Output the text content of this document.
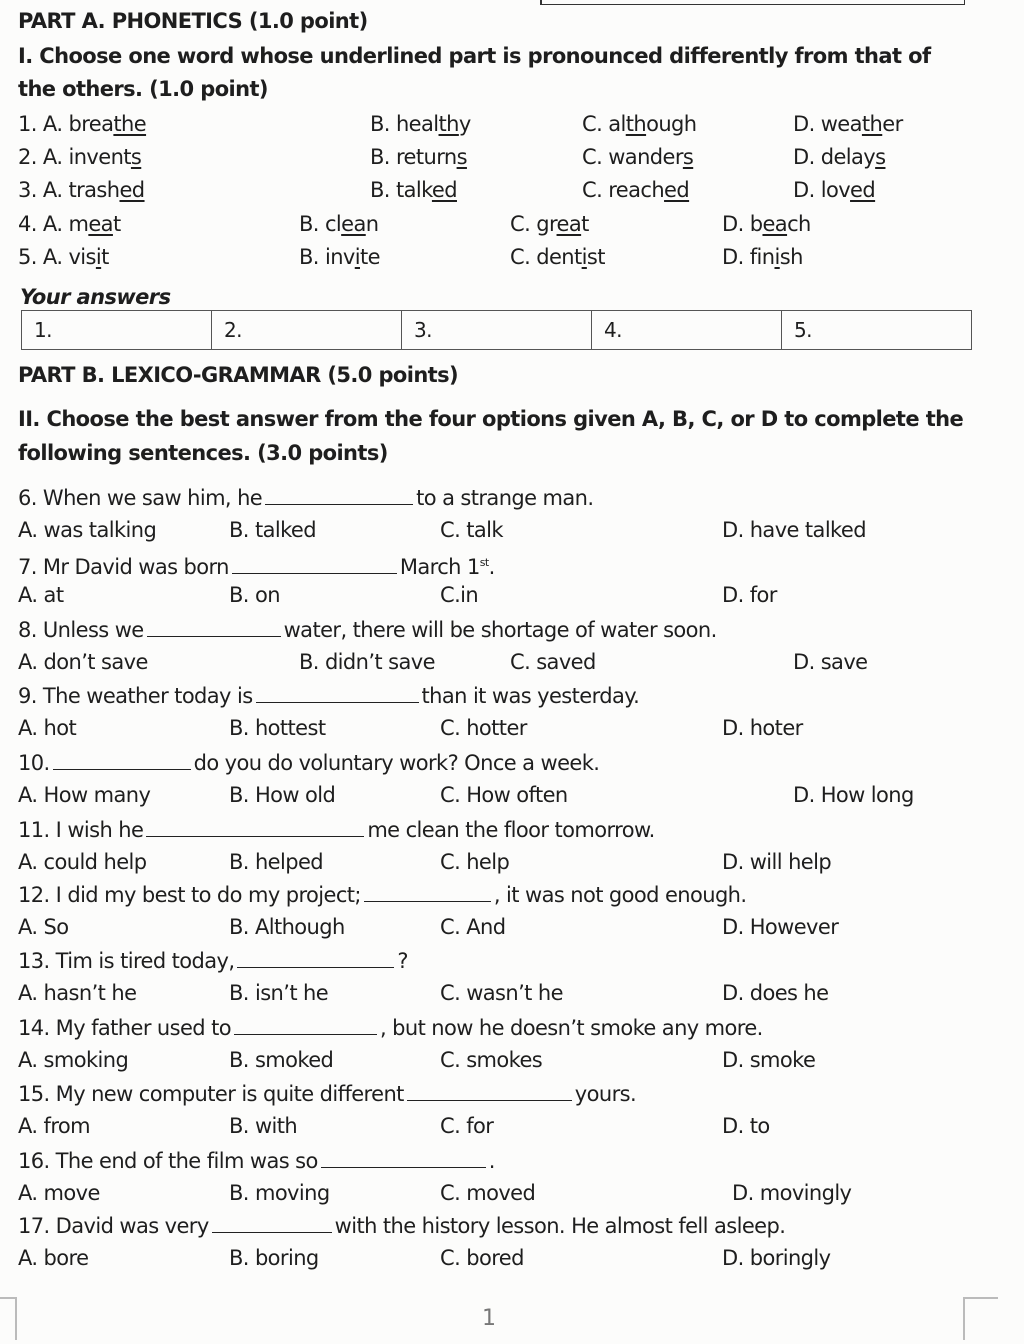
PART A. PHONETICS (1.0 point)
I. Choose one word whose underlined part is pronounced differently from that of
the others. (1.0 point)
1. A. breathe	B. healthy	C. although	D. weather
2. A. invents	B. returns	C. wanders	D. delays
3. A. trashed	B. talked	C. reached	D. loved
4. A. meat	B. clean	C. great	D. beach
5. A. visit	B. invite	C. dentist	D. finish
Your answers
1.	2.	3.	4.	5.
PART B. LEXICO-GRAMMAR (5.0 points)
II. Choose the best answer from the four options given A, B, C, or D to complete the
following sentences. (3.0 points)
6. When we saw him, he	to a strange man.
A. was talking	B. talked	C. talk	D. have talked
7. Mr David was born	March 1st.
A. at	B. on	C.in	D. for
8. Unless we	water, there will be shortage of water soon.
A. don’t save	B. didn’t save	C. saved	D. save
9. The weather today is	than it was yesterday.
A. hot	B. hottest	C. hotter	D. hoter
10.	do you do voluntary work? Once a week.
A. How many	B. How old	C. How often	D. How long
11. I wish he	me clean the floor tomorrow.
A. could help	B. helped	C. help	D. will help
12. I did my best to do my project;	, it was not good enough.
A. So	B. Although	C. And	D. However
13. Tim is tired today,	?
A. hasn’t he	B. isn’t he	C. wasn’t he	D. does he
14. My father used to	, but now he doesn’t smoke any more.
A. smoking	B. smoked	C. smokes	D. smoke
15. My new computer is quite different	yours.
A. from	B. with	C. for	D. to
16. The end of the film was so	.
A. move	B. moving	C. moved	D. movingly
17. David was very	with the history lesson. He almost fell asleep.
A. bore	B. boring	C. bored	D. boringly
1
